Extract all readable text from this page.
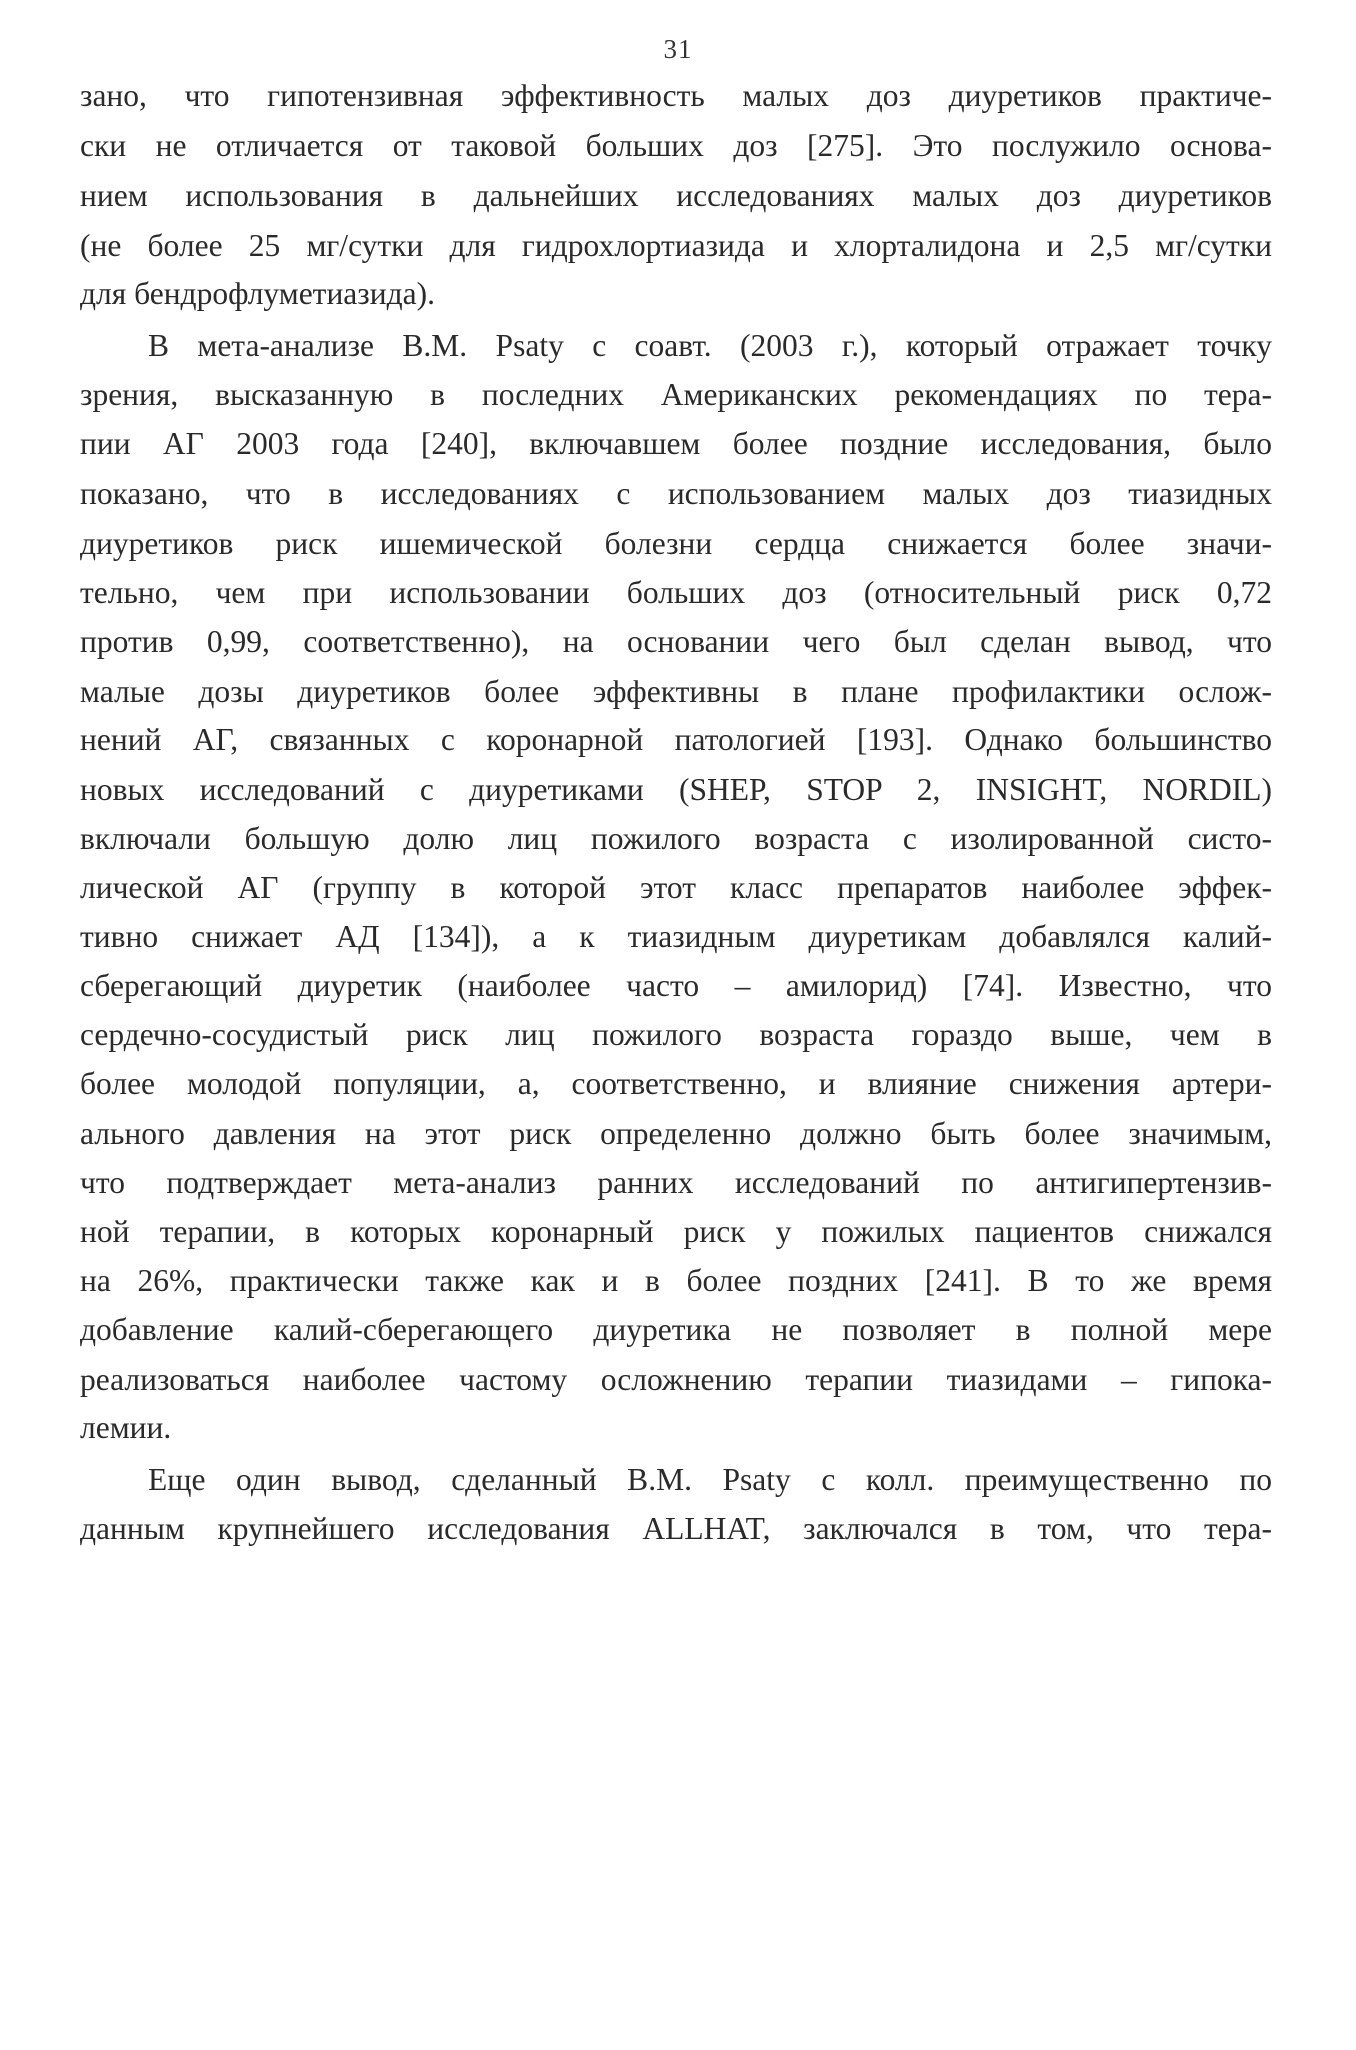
31
зано, что гипотензивная эффективность малых доз диуретиков практиче-
ски не отличается от таковой больших доз [275]. Это послужило основа-
нием использования в дальнейших исследованиях малых доз диуретиков
(не более 25 мг/сутки для гидрохлортиазида и хлорталидона и 2,5 мг/сутки
для бендрофлуметиазида).
В мета-анализе В.М. Psaty с соавт. (2003 г.), который отражает точку
зрения, высказанную в последних Американских рекомендациях по тера-
пии АГ 2003 года [240], включавшем более поздние исследования, было
показано, что в исследованиях с использованием малых доз тиазидных
диуретиков риск ишемической болезни сердца снижается более значи-
тельно, чем при использовании больших доз (относительный риск 0,72
против 0,99, соответственно), на основании чего был сделан вывод, что
малые дозы диуретиков более эффективны в плане профилактики ослож-
нений АГ, связанных с коронарной патологией [193]. Однако большинство
новых исследований с диуретиками (SHEP, STOP 2, INSIGHT, NORDIL)
включали большую долю лиц пожилого возраста с изолированной систо-
лической АГ (группу в которой этот класс препаратов наиболее эффек-
тивно снижает АД [134]), а к тиазидным диуретикам добавлялся калий-
сберегающий диуретик (наиболее часто – амилорид) [74]. Известно, что
сердечно-сосудистый риск лиц пожилого возраста гораздо выше, чем в
более молодой популяции, а, соответственно, и влияние снижения артери-
ального давления на этот риск определенно должно быть более значимым,
что подтверждает мета-анализ ранних исследований по антигипертензив-
ной терапии, в которых коронарный риск у пожилых пациентов снижался
на 26%, практически также как и в более поздних [241]. В то же время
добавление калий-сберегающего диуретика не позволяет в полной мере
реализоваться наиболее частому осложнению терапии тиазидами – гипока-
лемии.
Еще один вывод, сделанный В.М. Psaty с колл. преимущественно по
данным крупнейшего исследования ALLHAT, заключался в том, что тера-
